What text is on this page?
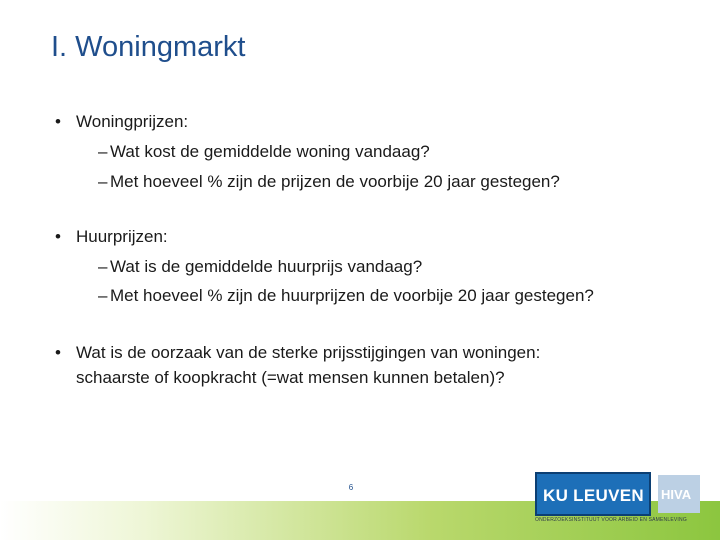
I. Woningmarkt
• Woningprijzen:
– Wat kost de gemiddelde woning vandaag?
– Met hoeveel % zijn de prijzen de voorbije 20 jaar gestegen?
• Huurprijzen:
– Wat is de gemiddelde huurprijs vandaag?
– Met hoeveel % zijn de huurprijzen de voorbije 20 jaar gestegen?
• Wat is de oorzaak van de sterke prijsstijgingen van woningen:
schaarste of koopkracht (=wat mensen kunnen betalen)?
6	KU LEUVEN HIVA
ONDERZOEKSINSTITUUT VOOR ARBEID EN SAMENLEVING
